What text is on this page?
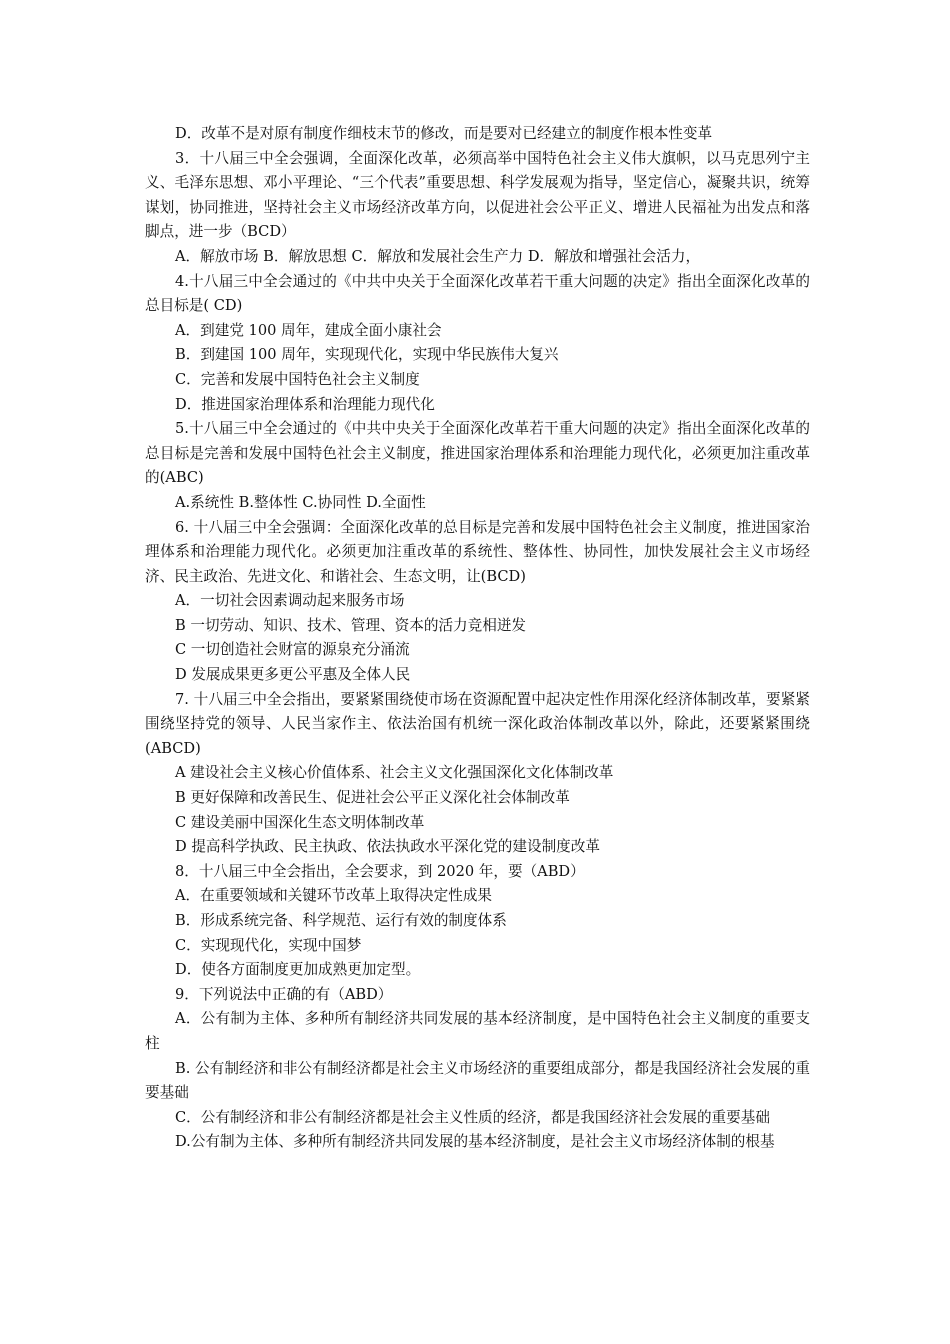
D．改革不是对原有制度作细枝末节的修改，而是要对已经建立的制度作根本性变革

3．十八届三中全会强调，全面深化改革，必须高举中国特色社会主义伟大旗帜，以马克思列宁主义、毛泽东思想、邓小平理论、“三个代表”重要思想、科学发展观为指导，坚定信心，凝聚共识，统筹谋划，协同推进，坚持社会主义市场经济改革方向，以促进社会公平正义、增进人民福祉为出发点和落脚点，进一步（BCD）

A．解放市场 B．解放思想 C．解放和发展社会生产力 D．解放和增强社会活力，

4.十八届三中全会通过的《中共中央关于全面深化改革若干重大问题的决定》指出全面深化改革的总目标是( CD)

A．到建党 100 周年，建成全面小康社会

B．到建国 100 周年，实现现代化，实现中华民族伟大复兴

C．完善和发展中国特色社会主义制度

D．推进国家治理体系和治理能力现代化

5.十八届三中全会通过的《中共中央关于全面深化改革若干重大问题的决定》指出全面深化改革的总目标是完善和发展中国特色社会主义制度，推进国家治理体系和治理能力现代化，必须更加注重改革的(ABC)

A.系统性 B.整体性 C.协同性 D.全面性

6. 十八届三中全会强调：全面深化改革的总目标是完善和发展中国特色社会主义制度，推进国家治理体系和治理能力现代化。必须更加注重改革的系统性、整体性、协同性，加快发展社会主义市场经济、民主政治、先进文化、和谐社会、生态文明，让(BCD)

A．一切社会因素调动起来服务市场

B 一切劳动、知识、技术、管理、资本的活力竞相迸发

C 一切创造社会财富的源泉充分涌流

D 发展成果更多更公平惠及全体人民

7. 十八届三中全会指出，要紧紧围绕使市场在资源配置中起决定性作用深化经济体制改革，要紧紧围绕坚持党的领导、人民当家作主、依法治国有机统一深化政治体制改革以外，除此，还要紧紧围绕(ABCD)

A 建设社会主义核心价值体系、社会主义文化强国深化文化体制改革

B 更好保障和改善民生、促进社会公平正义深化社会体制改革

C 建设美丽中国深化生态文明体制改革

D 提高科学执政、民主执政、依法执政水平深化党的建设制度改革

8．十八届三中全会指出，全会要求，到 2020 年，要（ABD）

A．在重要领域和关键环节改革上取得决定性成果

B．形成系统完备、科学规范、运行有效的制度体系

C．实现现代化，实现中国梦

D．使各方面制度更加成熟更加定型。

9．下列说法中正确的有（ABD）

A．公有制为主体、多种所有制经济共同发展的基本经济制度，是中国特色社会主义制度的重要支柱

B. 公有制经济和非公有制经济都是社会主义市场经济的重要组成部分，都是我国经济社会发展的重要基础

C．公有制经济和非公有制经济都是社会主义性质的经济，都是我国经济社会发展的重要基础

D.公有制为主体、多种所有制经济共同发展的基本经济制度，是社会主义市场经济体制的根基
